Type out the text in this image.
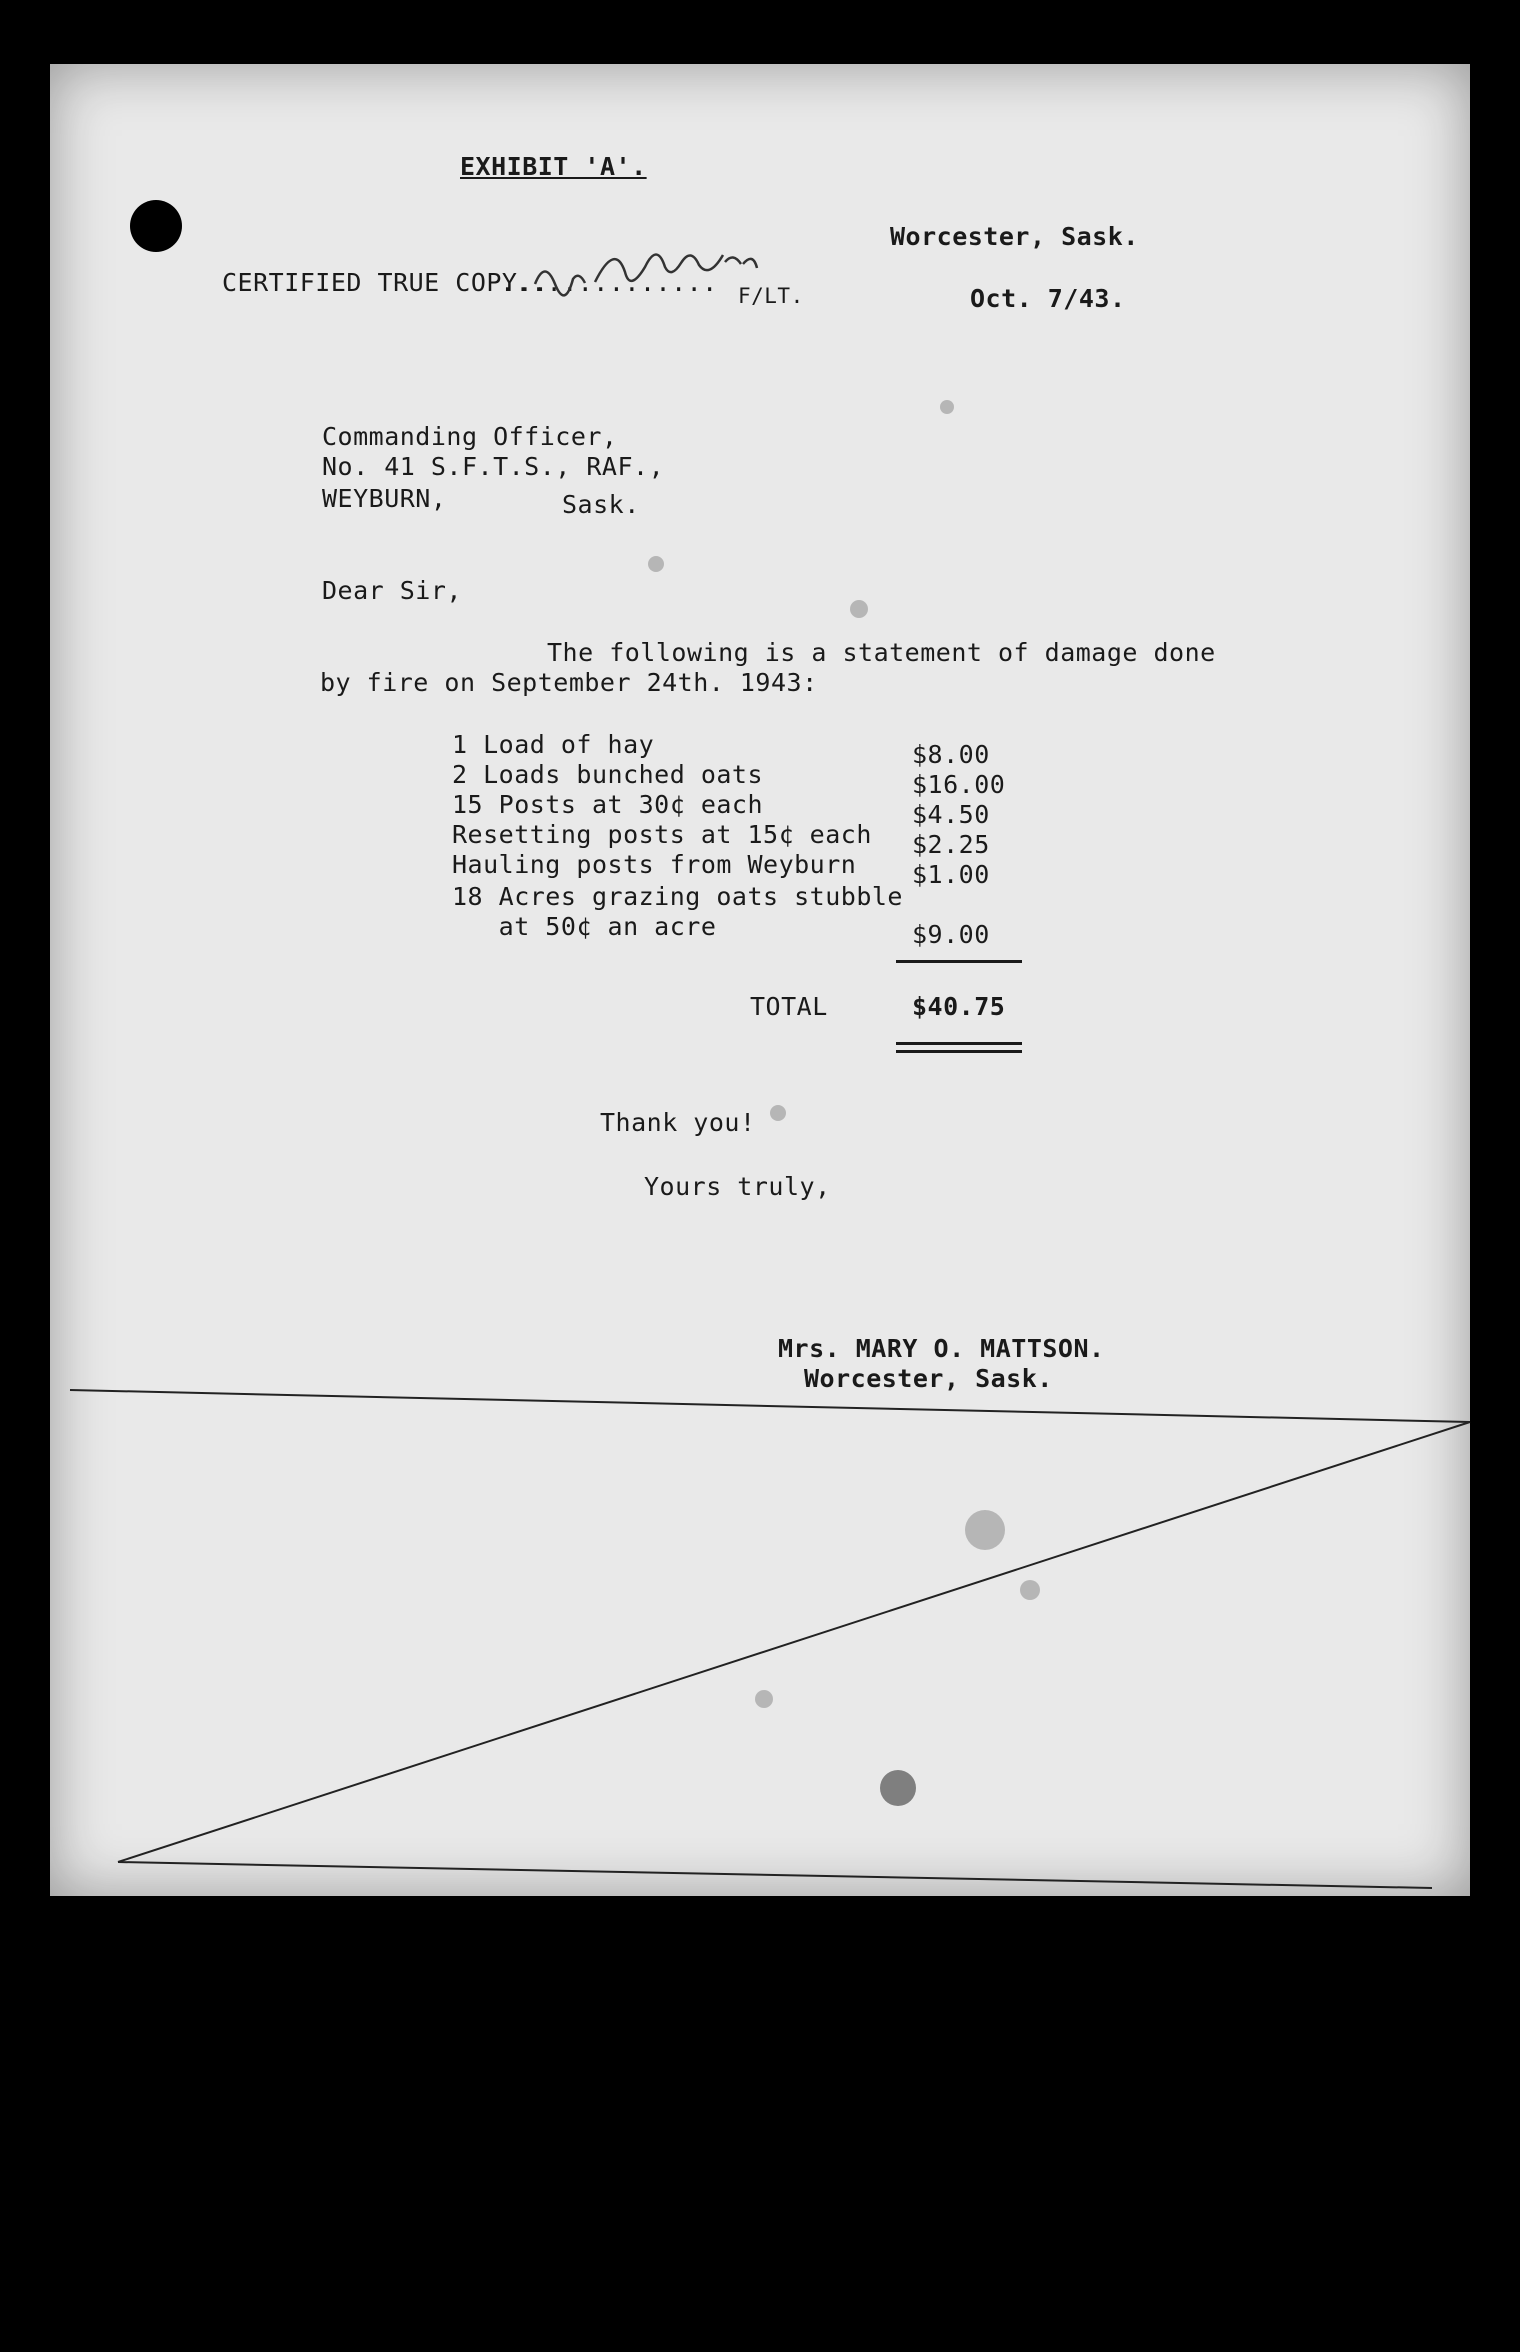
EXHIBIT 'A'.
Worcester, Sask.
CERTIFIED TRUE COPY..
.............. F/LT.	Oct. 7/43.
Commanding Officer,
No. 41 S.F.T.S., RAF.,
WEYBURN,	Sask.
Dear Sir,
The following is a statement of damage done
by fire on September 24th. 1943:
1 Load of hay	$8.00
2 Loads bunched oats	$16.00
15 Posts at 30¢ each	$4.50
Resetting posts at 15¢ each $2.25
Hauling posts from Weyburn $1.00
18 Acres grazing oats stubble
at 50¢ an acre	$9.00
TOTAL	$40.75
Thank you!
Yours truly,
Mrs. MARY O. MATTSON.
Worcester, Sask.
